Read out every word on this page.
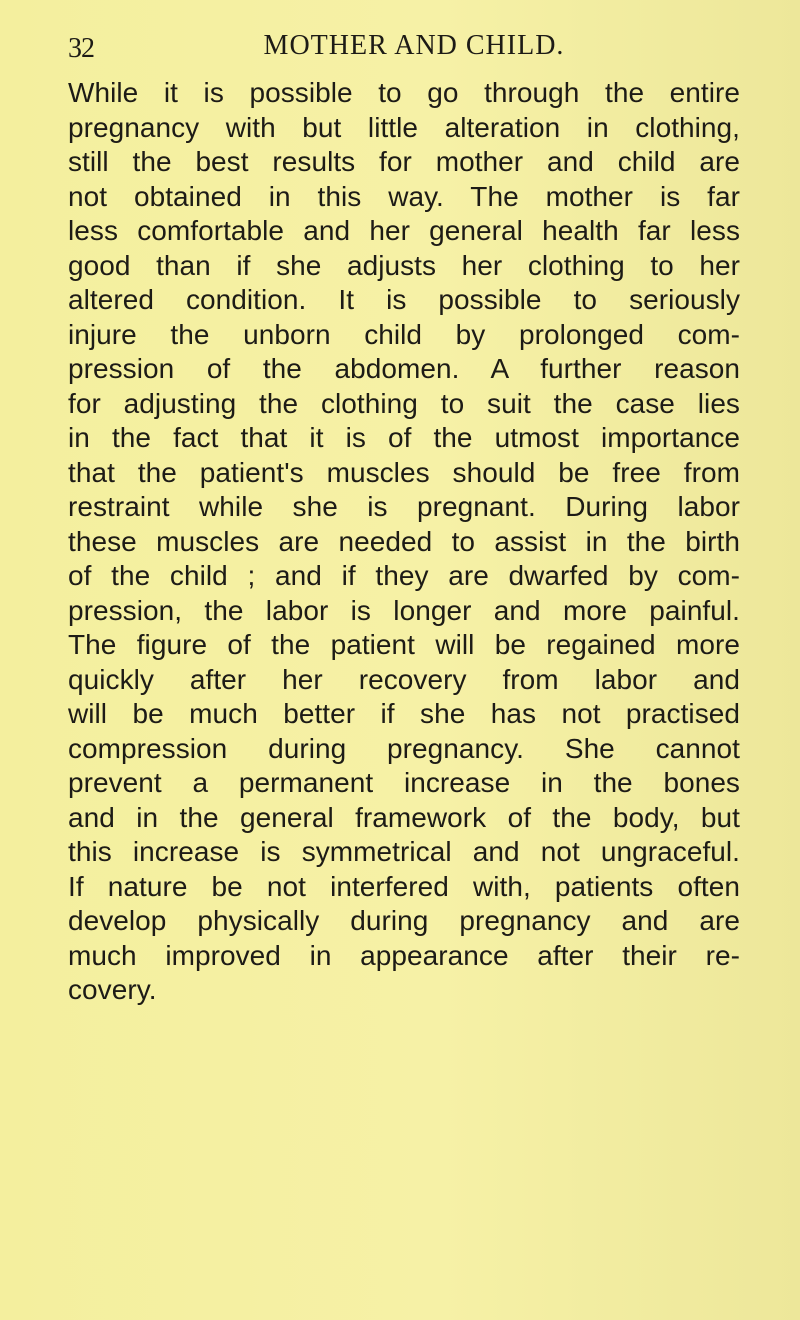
32	MOTHER AND CHILD.
While it is possible to go through the entire
pregnancy with but little alteration in clothing,
still the best results for mother and child are
not obtained in this way. The mother is far
less comfortable and her general health far less
good than if she adjusts her clothing to her
altered condition. It is possible to seriously
injure the unborn child by prolonged com-
pression of the abdomen. A further reason
for adjusting the clothing to suit the case lies
in the fact that it is of the utmost importance
that the patient's muscles should be free from
restraint while she is pregnant. During labor
these muscles are needed to assist in the birth
of the child ; and if they are dwarfed by com-
pression, the labor is longer and more painful.
The figure of the patient will be regained more
quickly after her recovery from labor and
will be much better if she has not practised
compression during pregnancy. She cannot
prevent a permanent increase in the bones
and in the general framework of the body, but
this increase is symmetrical and not ungraceful.
If nature be not interfered with, patients often
develop physically during pregnancy and are
much improved in appearance after their re-
covery.
